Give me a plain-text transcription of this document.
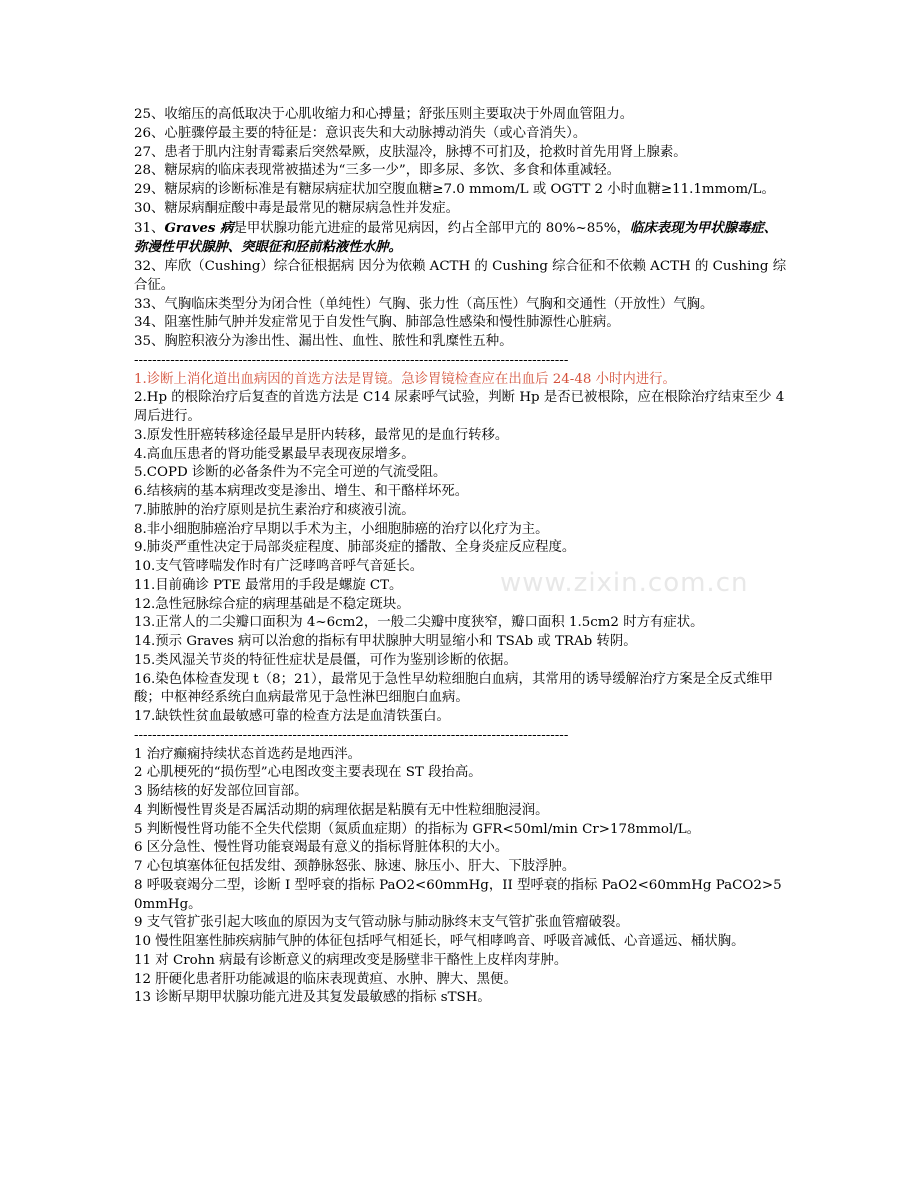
www.zixin.com.cn
25、收缩压的高低取决于心肌收缩力和心搏量；舒张压则主要取决于外周血管阻力。
26、心脏骤停最主要的特征是：意识丧失和大动脉搏动消失（或心音消失）。
27、患者于肌内注射青霉素后突然晕厥，皮肤湿冷，脉搏不可扪及，抢救时首先用肾上腺素。
28、糖尿病的临床表现常被描述为“三多一少”，即多尿、多饮、多食和体重减轻。
29、糖尿病的诊断标准是有糖尿病症状加空腹血糖≥7.0 mmom/L 或 OGTT 2 小时血糖≥11.1mmom/L。
30、糖尿病酮症酸中毒是最常见的糖尿病急性并发症。
31、Graves 病是甲状腺功能亢进症的最常见病因，约占全部甲亢的 80%~85%，临床表现为甲状腺毒症、弥漫性甲状腺肿、突眼征和胫前粘液性水肿。
32、库欣（Cushing）综合征根据病 因分为依赖 ACTH 的 Cushing 综合征和不依赖 ACTH 的 Cushing 综合征。
33、气胸临床类型分为闭合性（单纯性）气胸、张力性（高压性）气胸和交通性（开放性）气胸。
34、阻塞性肺气肿并发症常见于自发性气胸、肺部急性感染和慢性肺源性心脏病。
35、胸腔积液分为渗出性、漏出性、血性、脓性和乳糜性五种。
------------------------------------------------------------------------------------------------
1.诊断上消化道出血病因的首选方法是胃镜。急诊胃镜检查应在出血后 24-48 小时内进行。
2.Hp 的根除治疗后复查的首选方法是 C14 尿素呼气试验，判断 Hp 是否已被根除，应在根除治疗结束至少 4 周后进行。
3.原发性肝癌转移途径最早是肝内转移，最常见的是血行转移。
4.高血压患者的肾功能受累最早表现夜尿增多。
5.COPD 诊断的必备条件为不完全可逆的气流受阻。
6.结核病的基本病理改变是渗出、增生、和干酪样坏死。
7.肺脓肿的治疗原则是抗生素治疗和痰液引流。
8.非小细胞肺癌治疗早期以手术为主，小细胞肺癌的治疗以化疗为主。
9.肺炎严重性决定于局部炎症程度、肺部炎症的播散、全身炎症反应程度。
10.支气管哮喘发作时有广泛哮鸣音呼气音延长。
11.目前确诊 PTE 最常用的手段是螺旋 CT。
12.急性冠脉综合症的病理基础是不稳定斑块。
13.正常人的二尖瓣口面积为 4~6cm2，一般二尖瓣中度狭窄，瓣口面积 1.5cm2 时方有症状。
14.预示 Graves 病可以治愈的指标有甲状腺肿大明显缩小和 TSAb 或 TRAb 转阴。
15.类风湿关节炎的特征性症状是晨僵，可作为鉴别诊断的依据。
16.染色体检查发现 t（8；21），最常见于急性早幼粒细胞白血病，其常用的诱导缓解治疗方案是全反式维甲酸；中枢神经系统白血病最常见于急性淋巴细胞白血病。
17.缺铁性贫血最敏感可靠的检查方法是血清铁蛋白。
------------------------------------------------------------------------------------------------
1 治疗癫痫持续状态首选药是地西泮。
2 心肌梗死的“损伤型”心电图改变主要表现在 ST 段抬高。
3 肠结核的好发部位回盲部。
4 判断慢性胃炎是否属活动期的病理依据是粘膜有无中性粒细胞浸润。
5 判断慢性肾功能不全失代偿期（氮质血症期）的指标为 GFR<50ml/min Cr>178mmol/L。
6 区分急性、慢性肾功能衰竭最有意义的指标肾脏体积的大小。
7 心包填塞体征包括发绀、颈静脉怒张、脉速、脉压小、肝大、下肢浮肿。
8 呼吸衰竭分二型，诊断 I 型呼衰的指标 PaO2<60mmHg，II 型呼衰的指标 PaO2<60mmHg PaCO2>50mmHg。
9 支气管扩张引起大咳血的原因为支气管动脉与肺动脉终末支气管扩张血管瘤破裂。
10 慢性阻塞性肺疾病肺气肿的体征包括呼气相延长，呼气相哮鸣音、呼吸音减低、心音遥远、桶状胸。
11 对 Crohn 病最有诊断意义的病理改变是肠壁非干酪性上皮样肉芽肿。
12 肝硬化患者肝功能减退的临床表现黄疸、水肿、脾大、黑便。
13 诊断早期甲状腺功能亢进及其复发最敏感的指标 sTSH。
